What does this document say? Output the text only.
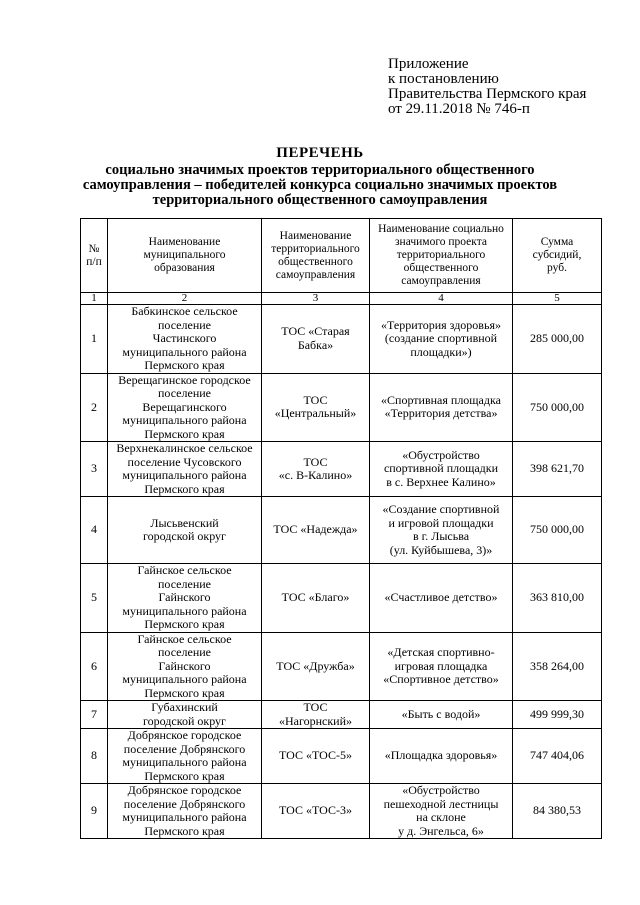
Приложение
к постановлению
Правительства Пермского края
от 29.11.2018 № 746-п
ПЕРЕЧЕНЬ
социально значимых проектов территориального общественного
самоуправления – победителей конкурса социально значимых проектов
территориального общественного самоуправления
№
п/п	Наименование
муниципального
образования	Наименование
территориального
общественного
самоуправления	Наименование социально
значимого проекта
территориального
общественного
самоуправления	Сумма
субсидий,
руб.
1	2	3	4	5
1	Бабкинское сельское
поселение
Частинского
муниципального района
Пермского края	ТОС «Старая
Бабка»	«Территория здоровья»
(создание спортивной
площадки»)	285 000,00
2	Верещагинское городское
поселение
Верещагинского
муниципального района
Пермского края	ТОС
«Центральный»	«Спортивная площадка
«Территория детства»	750 000,00
3	Верхнекалинское сельское
поселение Чусовского
муниципального района
Пермского края	ТОС
«с. В-Калино»	«Обустройство
спортивной площадки
в с. Верхнее Калино»	398 621,70
4	Лысьвенский
городской округ	ТОС «Надежда»	«Создание спортивной
и игровой площадки
в г. Лысьва
(ул. Куйбышева, 3)»	750 000,00
5	Гайнское сельское
поселение
Гайнского
муниципального района
Пермского края	ТОС «Благо»	«Счастливое детство»	363 810,00
6	Гайнское сельское
поселение
Гайнского
муниципального района
Пермского края	ТОС «Дружба»	«Детская спортивно-
игровая площадка
«Спортивное детство»	358 264,00
7	Губахинский
городской округ	ТОС
«Нагорнский»	«Быть с водой»	499 999,30
8	Добрянское городское
поселение Добрянского
муниципального района
Пермского края	ТОС «ТОС-5»	«Площадка здоровья»	747 404,06
9	Добрянское городское
поселение Добрянского
муниципального района
Пермского края	ТОС «ТОС-3»	«Обустройство
пешеходной лестницы
на склоне
у д. Энгельса, 6»	84 380,53
